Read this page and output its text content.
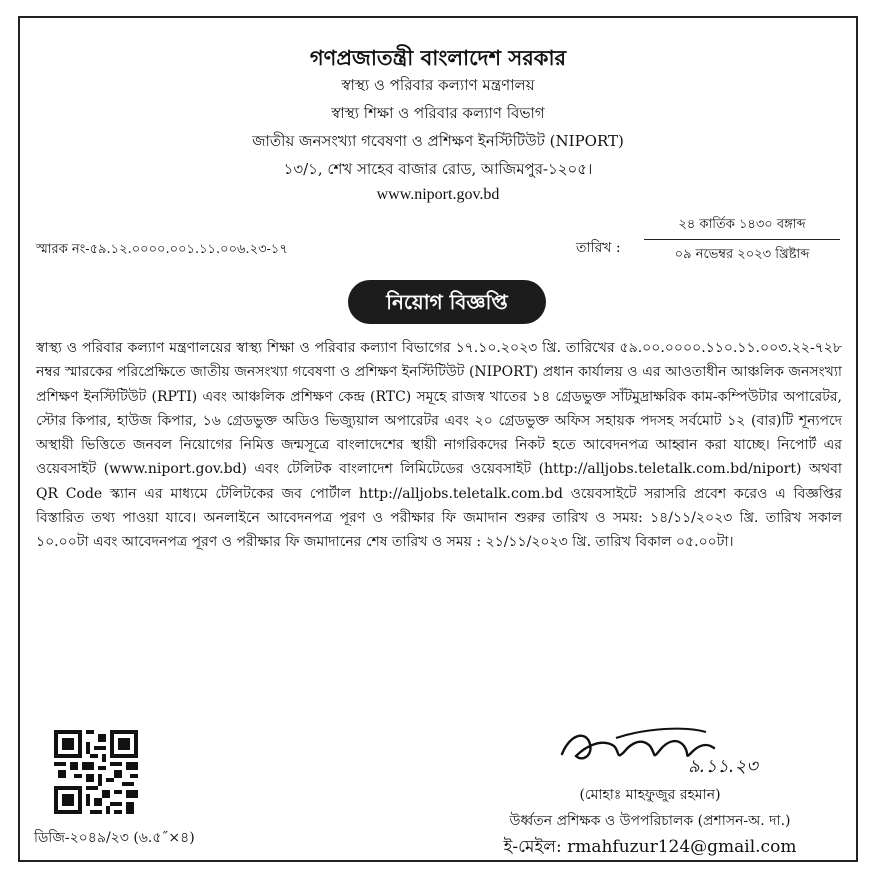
গণপ্রজাতন্ত্রী বাংলাদেশ সরকার
স্বাস্থ্য ও পরিবার কল্যাণ মন্ত্রণালয়
স্বাস্থ্য শিক্ষা ও পরিবার কল্যাণ বিভাগ
জাতীয় জনসংখ্যা গবেষণা ও প্রশিক্ষণ ইনস্টিটিউট (NIPORT)
১৩/১, শেখ সাহেব বাজার রোড, আজিমপুর-১২০৫।
www.niport.gov.bd
স্মারক নং-৫৯.১২.০০০০.০০১.১১.০০৬.২৩-১৭	তারিখ :
২৪ কার্তিক ১৪৩০ বঙ্গাব্দ
০৯ নভেম্বর ২০২৩ খ্রিষ্টাব্দ
নিয়োগ বিজ্ঞপ্তি
স্বাস্থ্য ও পরিবার কল্যাণ মন্ত্রণালয়ের স্বাস্থ্য শিক্ষা ও পরিবার কল্যাণ বিভাগের ১৭.১০.২০২৩ খ্রি. তারিখের ৫৯.০০.০০০০.১১০.১১.০০৩.২২-৭২৮ নম্বর স্মারকের পরিপ্রেক্ষিতে জাতীয় জনসংখ্যা গবেষণা ও প্রশিক্ষণ ইনস্টিটিউট (NIPORT) প্রধান কার্যালয় ও এর আওতাধীন আঞ্চলিক জনসংখ্যা প্রশিক্ষণ ইনস্টিটিউট (RPTI) এবং আঞ্চলিক প্রশিক্ষণ কেন্দ্র (RTC) সমূহে রাজস্ব খাতের ১৪ গ্রেডভুক্ত সাঁটমুদ্রাক্ষরিক কাম-কম্পিউটার অপারেটর, স্টোর কিপার, হাউজ কিপার, ১৬ গ্রেডভুক্ত অডিও ভিজ্যুয়াল অপারেটর এবং ২০ গ্রেডভুক্ত অফিস সহায়ক পদসহ সর্বমোট ১২ (বার)টি শূন্যপদে অস্থায়ী ভিত্তিতে জনবল নিয়োগের নিমিত্ত জন্মসূত্রে বাংলাদেশের স্থায়ী নাগরিকদের নিকট হতে আবেদনপত্র আহ্বান করা যাচ্ছে। নিপোর্ট এর ওয়েবসাইট (www.niport.gov.bd) এবং টেলিটক বাংলাদেশ লিমিটেডের ওয়েবসাইট (http://alljobs.teletalk.com.bd/niport) অথবা QR Code স্ক্যান এর মাধ্যমে টেলিটকের জব পোর্টাল http://alljobs.teletalk.com.bd ওয়েবসাইটে সরাসরি প্রবেশ করেও এ বিজ্ঞপ্তির বিস্তারিত তথ্য পাওয়া যাবে। অনলাইনে আবেদনপত্র পূরণ ও পরীক্ষার ফি জমাদান শুরুর তারিখ ও সময়: ১৪/১১/২০২৩ খ্রি. তারিখ সকাল ১০.০০টা এবং আবেদনপত্র পূরণ ও পরীক্ষার ফি জমাদানের শেষ তারিখ ও সময় : ২১/১১/২০২৩ খ্রি. তারিখ বিকাল ০৫.০০টা।
ডিজি-২০৪৯/২৩ (৬.৫˝×৪)
৯.১১.২৩
(মোহাঃ মাহফুজুর রহমান)
উর্ধ্বতন প্রশিক্ষক ও উপপরিচালক (প্রশাসন-অ. দা.)
ই-মেইল: rmahfuzur124@gmail.com
